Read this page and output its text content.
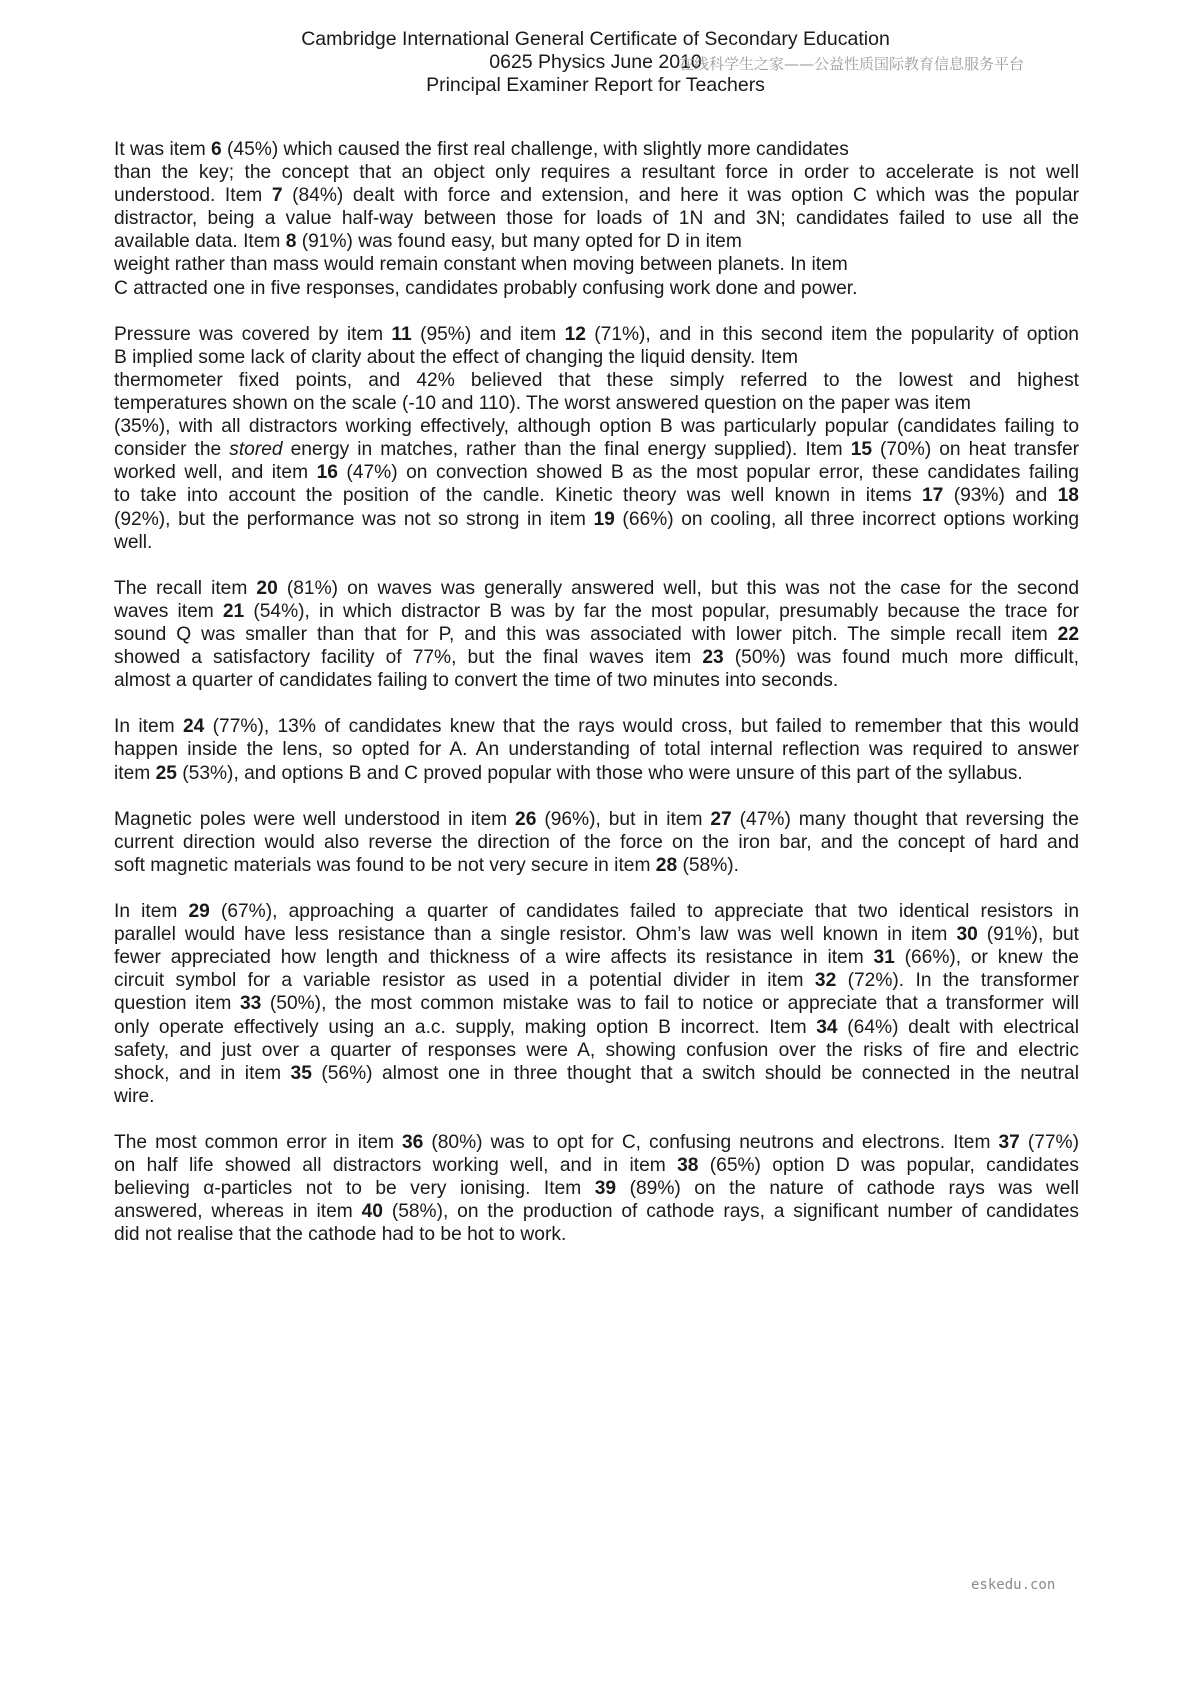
Cambridge International General Certificate of Secondary Education
0625 Physics June 2010
Principal Examiner Report for Teachers
在线科学生之家——公益性质国际教育信息服务平台
It was item 6 (45%) which caused the first real challenge, with slightly more candidates
than the key; the concept that an object only requires a resultant force in order to accelerate is not well
understood. Item 7 (84%) dealt with force and extension, and here it was option C which was the popular
distractor, being a value half-way between those for loads of 1N and 3N; candidates failed to use all the
available data. Item 8 (91%) was found easy, but many opted for D in item
weight rather than mass would remain constant when moving between planets. In item
C attracted one in five responses, candidates probably confusing work done and power.
Pressure was covered by item 11 (95%) and item 12 (71%), and in this second item the popularity of option
B implied some lack of clarity about the effect of changing the liquid density. Item
thermometer fixed points, and 42% believed that these simply referred to the lowest and highest
temperatures shown on the scale (-10 and 110). The worst answered question on the paper was item
(35%), with all distractors working effectively, although option B was particularly popular (candidates failing to
consider the stored energy in matches, rather than the final energy supplied). Item 15 (70%) on heat transfer
worked well, and item 16 (47%) on convection showed B as the most popular error, these candidates failing
to take into account the position of the candle. Kinetic theory was well known in items 17 (93%) and 18
(92%), but the performance was not so strong in item 19 (66%) on cooling, all three incorrect options working
well.
The recall item 20 (81%) on waves was generally answered well, but this was not the case for the second
waves item 21 (54%), in which distractor B was by far the most popular, presumably because the trace for
sound Q was smaller than that for P, and this was associated with lower pitch. The simple recall item 22
showed a satisfactory facility of 77%, but the final waves item 23 (50%) was found much more difficult,
almost a quarter of candidates failing to convert the time of two minutes into seconds.
In item 24 (77%), 13% of candidates knew that the rays would cross, but failed to remember that this would
happen inside the lens, so opted for A. An understanding of total internal reflection was required to answer
item 25 (53%), and options B and C proved popular with those who were unsure of this part of the syllabus.
Magnetic poles were well understood in item 26 (96%), but in item 27 (47%) many thought that reversing the
current direction would also reverse the direction of the force on the iron bar, and the concept of hard and
soft magnetic materials was found to be not very secure in item 28 (58%).
In item 29 (67%), approaching a quarter of candidates failed to appreciate that two identical resistors in
parallel would have less resistance than a single resistor. Ohm’s law was well known in item 30 (91%), but
fewer appreciated how length and thickness of a wire affects its resistance in item 31 (66%), or knew the
circuit symbol for a variable resistor as used in a potential divider in item 32 (72%). In the transformer
question item 33 (50%), the most common mistake was to fail to notice or appreciate that a transformer will
only operate effectively using an a.c. supply, making option B incorrect. Item 34 (64%) dealt with electrical
safety, and just over a quarter of responses were A, showing confusion over the risks of fire and electric
shock, and in item 35 (56%) almost one in three thought that a switch should be connected in the neutral
wire.
The most common error in item 36 (80%) was to opt for C, confusing neutrons and electrons. Item 37 (77%)
on half life showed all distractors working well, and in item 38 (65%) option D was popular, candidates
believing α-particles not to be very ionising. Item 39 (89%) on the nature of cathode rays was well
answered, whereas in item 40 (58%), on the production of cathode rays, a significant number of candidates
did not realise that the cathode had to be hot to work.
eskedu.con
